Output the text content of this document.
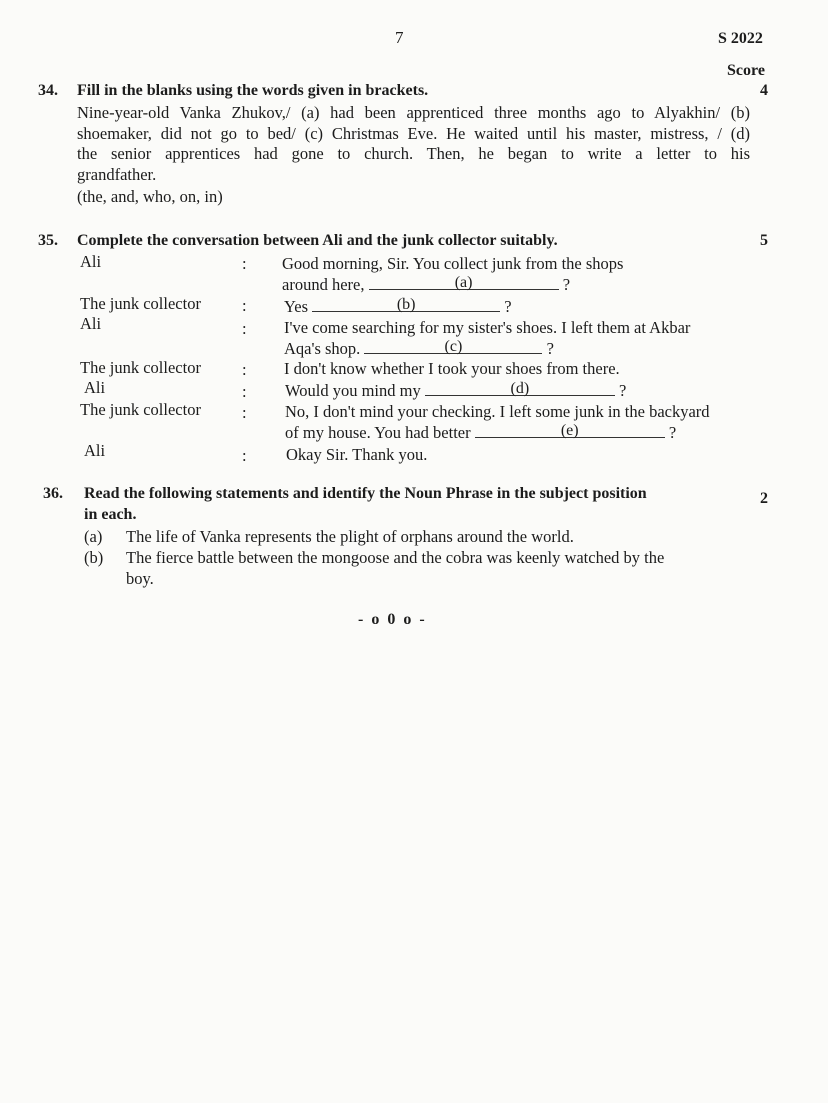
7	S 2022
Score
34. Fill in the blanks using the words given in brackets.	4
Nine-year-old Vanka Zhukov,/ (a) had been apprenticed three months ago to Alyakhin/ (b)
shoemaker, did not go to bed/ (c) Christmas Eve. He waited until his master, mistress, / (d)
the senior apprentices had gone to church. Then, he began to write a letter to his
grandfather.
(the, and, who, on, in)
35. Complete the conversation between Ali and the junk collector suitably.	5
Ali	: Good morning, Sir. You collect junk from the shops
around here,	(a)	?
The junk collector : Yes	(b)	?
Ali	: I've come searching for my sister's shoes. I left them at Akbar
Aqa's shop.	(c)	?
The junk collector : I don't know whether I took your shoes from there.
Ali	: Would you mind my	(d)	?
The junk collector : No, I don't mind your checking. I left some junk in the backyard
of my house. You had better	(e)	?
Ali	: Okay Sir. Thank you.
36. Read the following statements and identify the Noun Phrase in the subject position
in each.
2
(a) The life of Vanka represents the plight of orphans around the world.
(b) The fierce battle between the mongoose and the cobra was keenly watched by the
boy.
- o 0 o -
